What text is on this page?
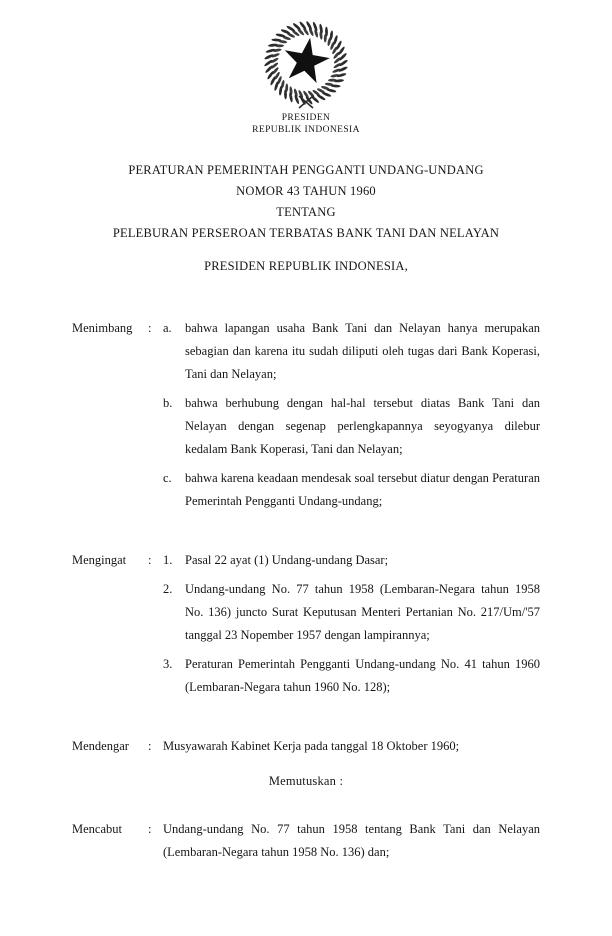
PRESIDEN
REPUBLIK INDONESIA
PERATURAN PEMERINTAH PENGGANTI UNDANG-UNDANG
NOMOR 43 TAHUN 1960
TENTANG
PELEBURAN PERSEROAN TERBATAS BANK TANI DAN NELAYAN
PRESIDEN REPUBLIK INDONESIA,
Menimbang	: a.	bahwa lapangan usaha Bank Tani dan Nelayan hanya merupakan sebagian dan karena itu sudah diliputi oleh tugas dari Bank Koperasi, Tani dan Nelayan;
b.	bahwa berhubung dengan hal-hal tersebut diatas Bank Tani dan Nelayan dengan segenap perlengkapannya seyogyanya dilebur kedalam Bank Koperasi, Tani dan Nelayan;
c.	bahwa karena keadaan mendesak soal tersebut diatur dengan Peraturan Pemerintah Pengganti Undang-undang;
Mengingat	: 1.	Pasal 22 ayat (1) Undang-undang Dasar;
2.	Undang-undang No. 77 tahun 1958 (Lembaran-Negara tahun 1958 No. 136) juncto Surat Keputusan Menteri Pertanian No. 217/Um/'57 tanggal 23 Nopember 1957 dengan lampirannya;
3.	Peraturan Pemerintah Pengganti Undang-undang No. 41 tahun 1960 (Lembaran-Negara tahun 1960 No. 128);
Mendengar	: Musyawarah Kabinet Kerja pada tanggal 18 Oktober 1960;
Memutuskan :
Mencabut	: Undang-undang No. 77 tahun 1958 tentang Bank Tani dan Nelayan (Lembaran-Negara tahun 1958 No. 136) dan;
